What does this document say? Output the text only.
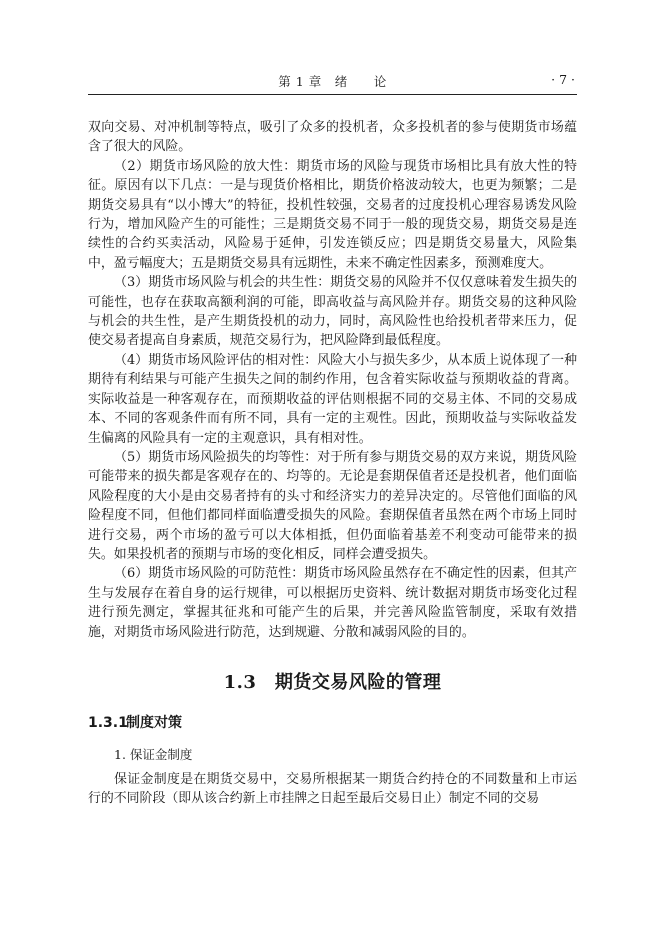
第 1 章　绪　　论	· 7 ·

双向交易、对冲机制等特点，吸引了众多的投机者，众多投机者的参与使期货市场蕴含了很大的风险。

（2）期货市场风险的放大性：期货市场的风险与现货市场相比具有放大性的特征。原因有以下几点：一是与现货价格相比，期货价格波动较大，也更为频繁；二是期货交易具有“以小博大”的特征，投机性较强，交易者的过度投机心理容易诱发风险行为，增加风险产生的可能性；三是期货交易不同于一般的现货交易，期货交易是连续性的合约买卖活动，风险易于延伸，引发连锁反应；四是期货交易量大，风险集中，盈亏幅度大；五是期货交易具有远期性，未来不确定性因素多，预测难度大。

（3）期货市场风险与机会的共生性：期货交易的风险并不仅仅意味着发生损失的可能性，也存在获取高额利润的可能，即高收益与高风险并存。期货交易的这种风险与机会的共生性，是产生期货投机的动力，同时，高风险性也给投机者带来压力，促使交易者提高自身素质，规范交易行为，把风险降到最低程度。

（4）期货市场风险评估的相对性：风险大小与损失多少，从本质上说体现了一种期待有利结果与可能产生损失之间的制约作用，包含着实际收益与预期收益的背离。实际收益是一种客观存在，而预期收益的评估则根据不同的交易主体、不同的交易成本、不同的客观条件而有所不同，具有一定的主观性。因此，预期收益与实际收益发生偏离的风险具有一定的主观意识，具有相对性。

（5）期货市场风险损失的均等性：对于所有参与期货交易的双方来说，期货风险可能带来的损失都是客观存在的、均等的。无论是套期保值者还是投机者，他们面临风险程度的大小是由交易者持有的头寸和经济实力的差异决定的。尽管他们面临的风险程度不同，但他们都同样面临遭受损失的风险。套期保值者虽然在两个市场上同时进行交易，两个市场的盈亏可以大体相抵，但仍面临着基差不利变动可能带来的损失。如果投机者的预期与市场的变化相反，同样会遭受损失。

（6）期货市场风险的可防范性：期货市场风险虽然存在不确定性的因素，但其产生与发展存在着自身的运行规律，可以根据历史资料、统计数据对期货市场变化过程进行预先测定，掌握其征兆和可能产生的后果，并完善风险监管制度，采取有效措施，对期货市场风险进行防范，达到规避、分散和减弱风险的目的。

1.3　期货交易风险的管理
1.3.1制度对策

1. 保证金制度

保证金制度是在期货交易中，交易所根据某一期货合约持仓的不同数量和上市运行的不同阶段（即从该合约新上市挂牌之日起至最后交易日止）制定不同的交易
